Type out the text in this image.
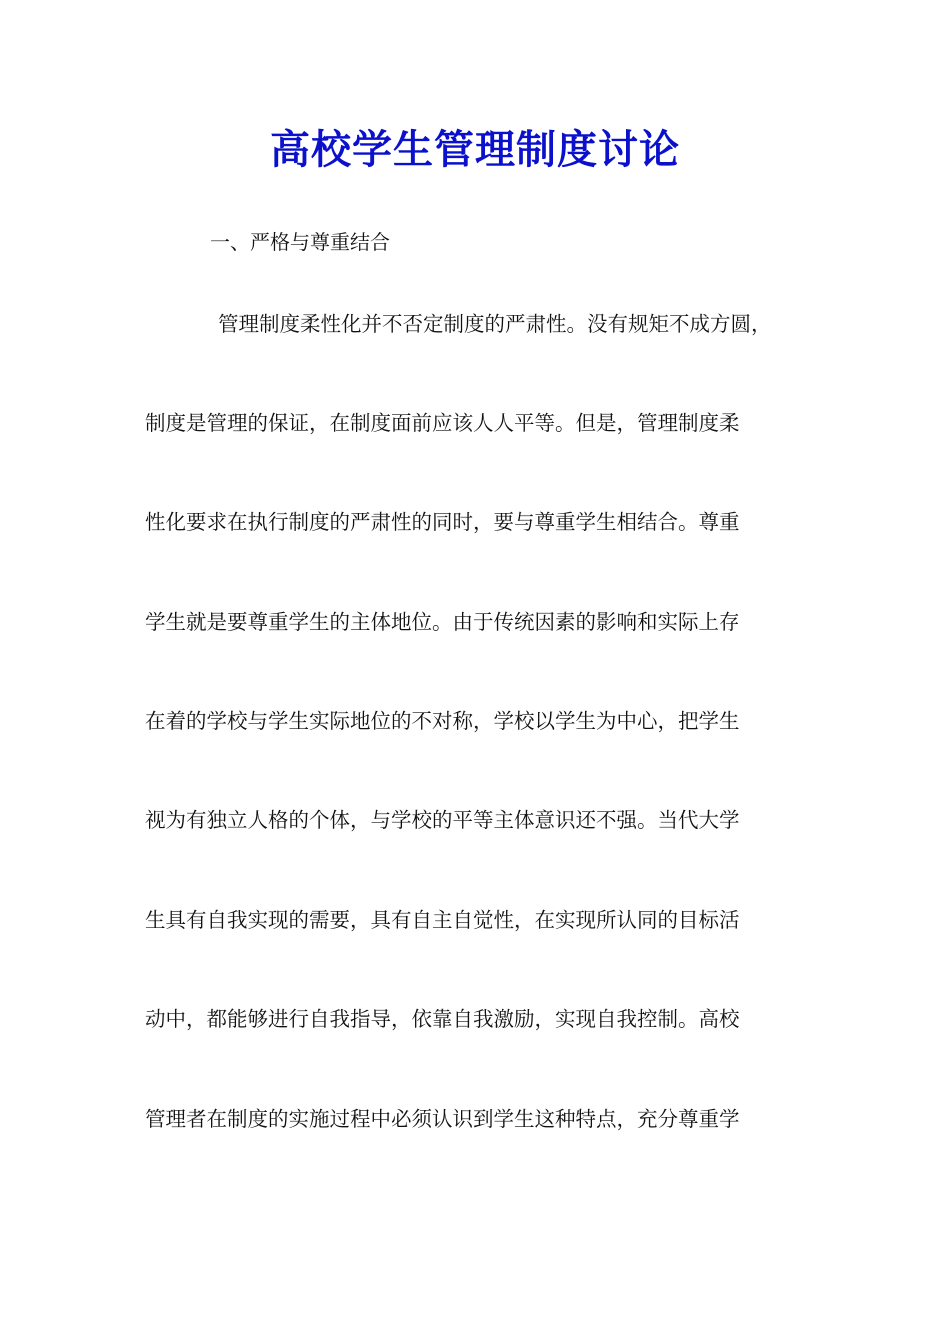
高校学生管理制度讨论

一、严格与尊重结合

管理制度柔性化并不否定制度的严肃性。没有规矩不成方圆，

制度是管理的保证，在制度面前应该人人平等。但是，管理制度柔

性化要求在执行制度的严肃性的同时，要与尊重学生相结合。尊重

学生就是要尊重学生的主体地位。由于传统因素的影响和实际上存

在着的学校与学生实际地位的不对称，学校以学生为中心，把学生

视为有独立人格的个体，与学校的平等主体意识还不强。当代大学

生具有自我实现的需要，具有自主自觉性，在实现所认同的目标活

动中，都能够进行自我指导，依靠自我激励，实现自我控制。高校

管理者在制度的实施过程中必须认识到学生这种特点，充分尊重学
